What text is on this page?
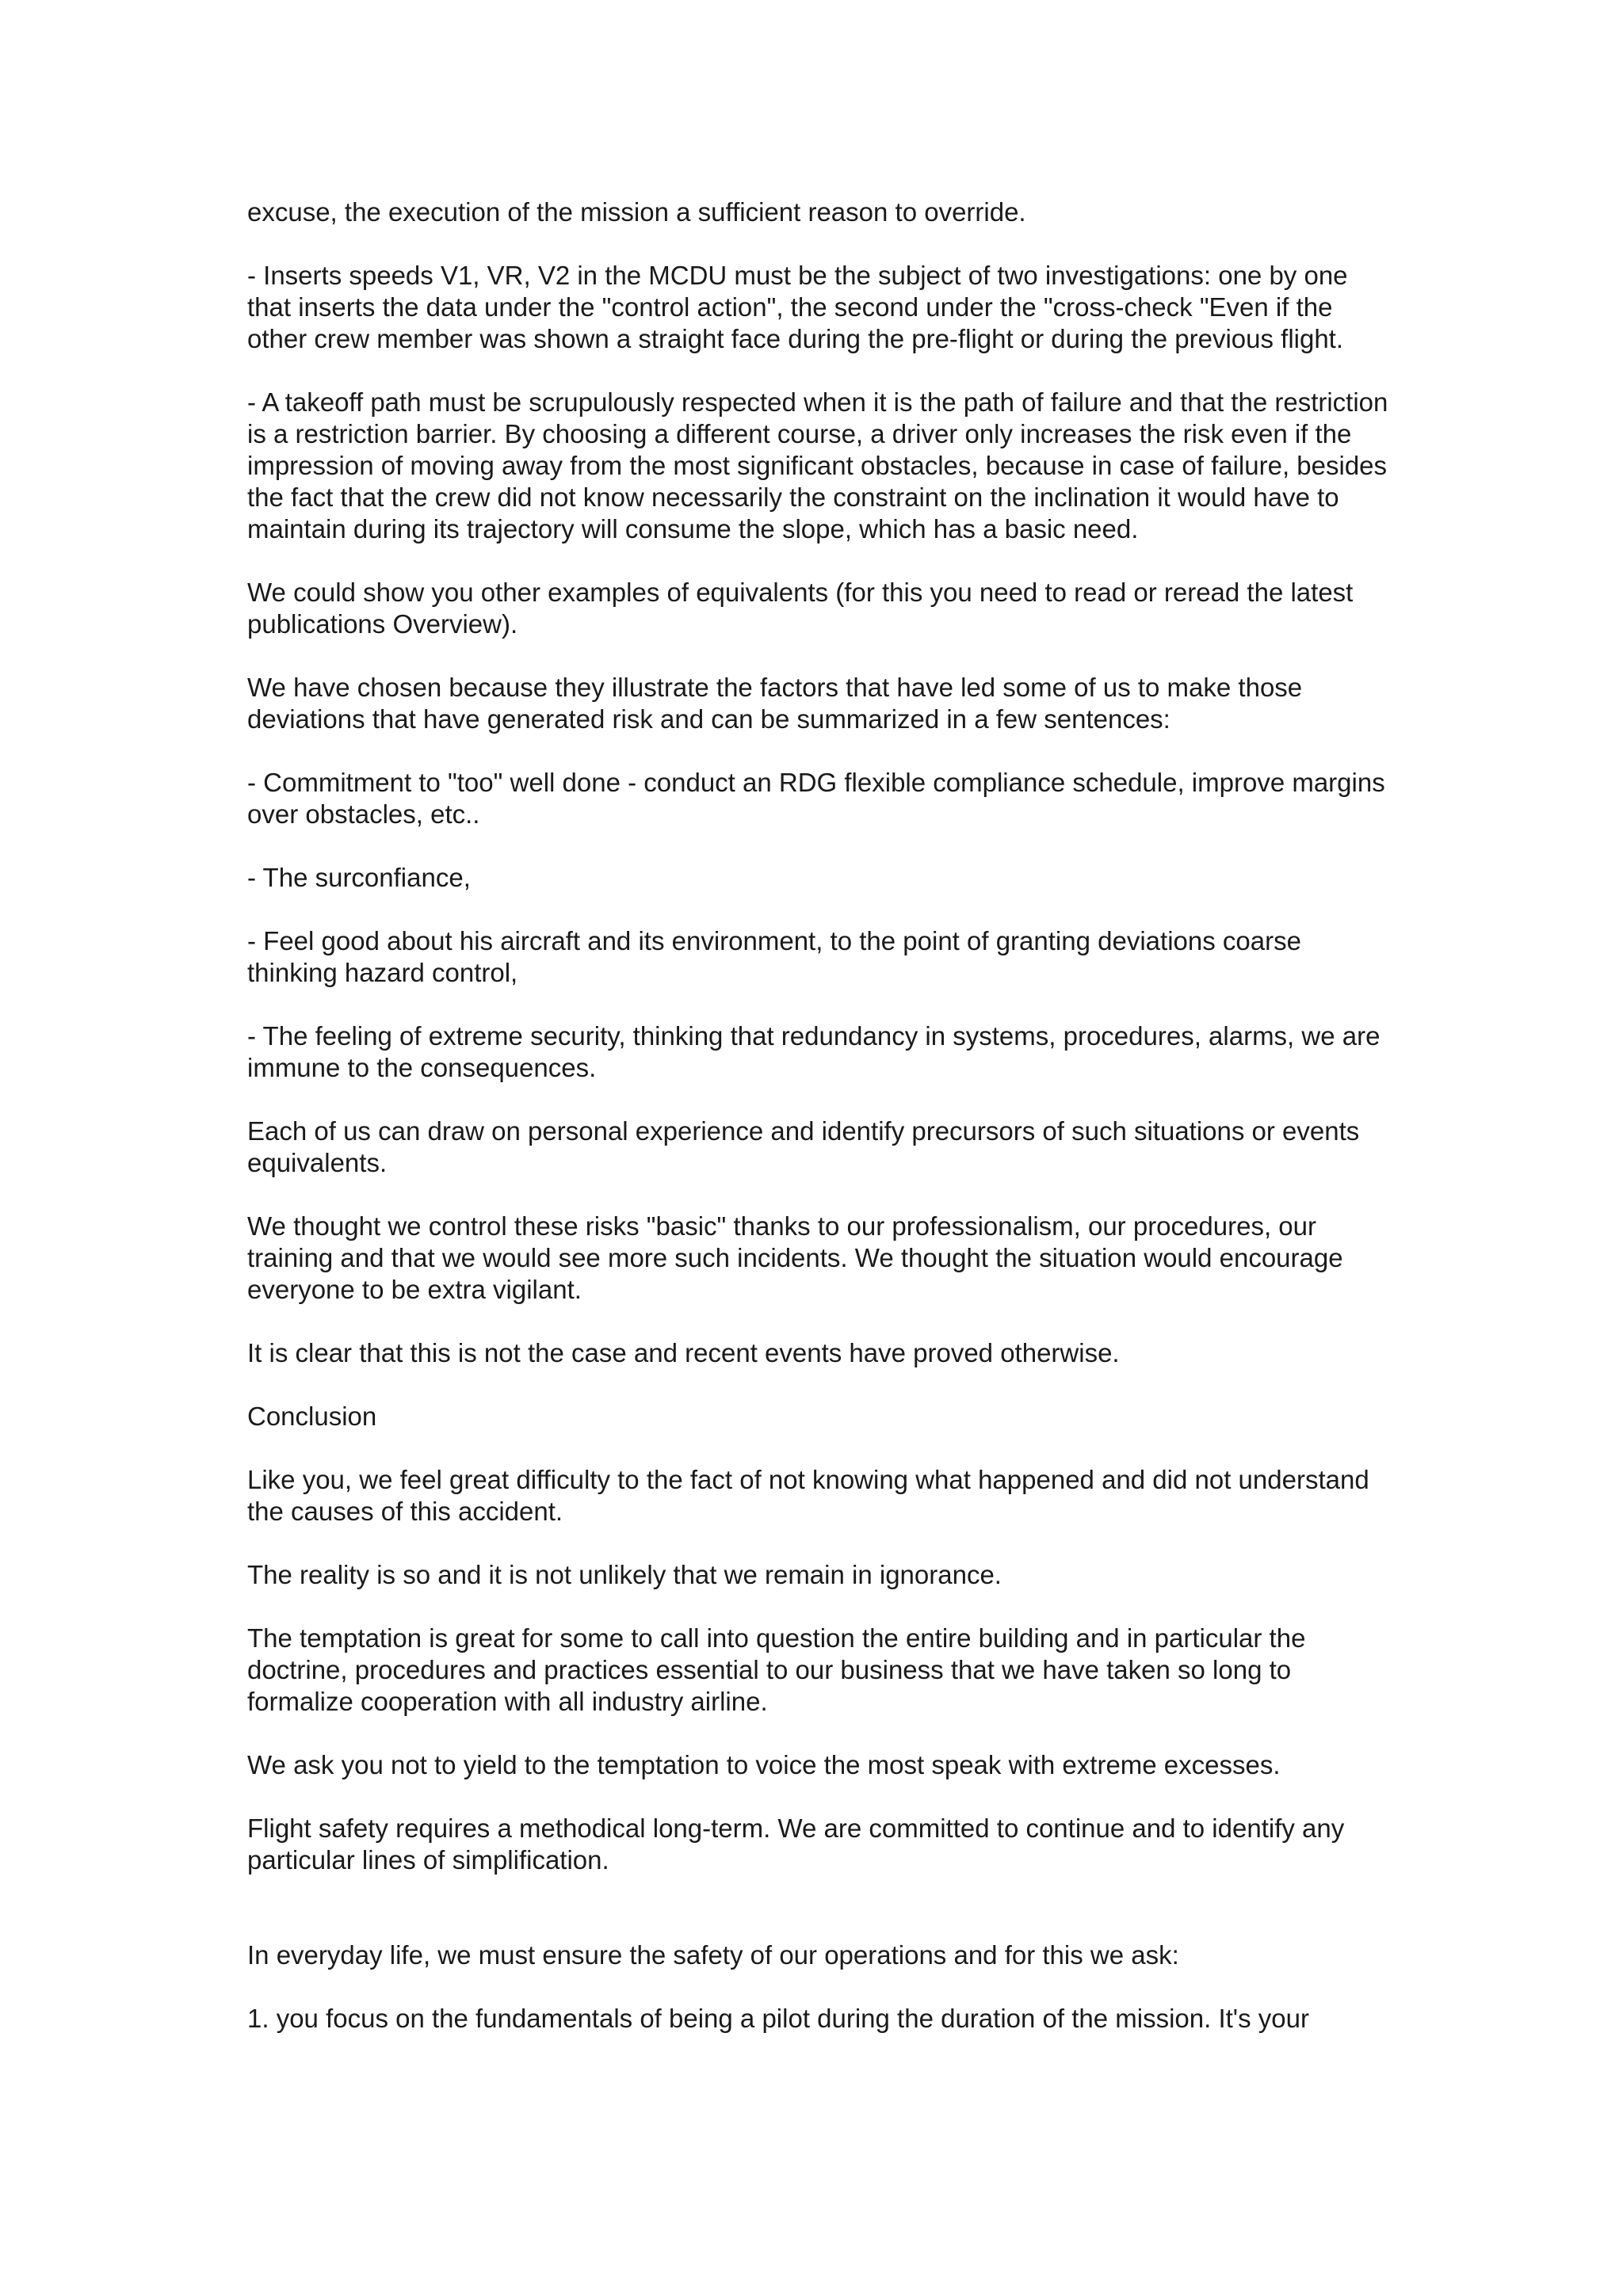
excuse, the execution of the mission a sufficient reason to override.

- Inserts speeds V1, VR, V2 in the MCDU must be the subject of two investigations: one by one that inserts the data under the "control action", the second under the "cross-check "Even if the other crew member was shown a straight face during the pre-flight or during the previous flight.

- A takeoff path must be scrupulously respected when it is the path of failure and that the restriction is a restriction barrier. By choosing a different course, a driver only increases the risk even if the impression of moving away from the most significant obstacles, because in case of failure, besides the fact that the crew did not know necessarily the constraint on the inclination it would have to maintain during its trajectory will consume the slope, which has a basic need.

We could show you other examples of equivalents (for this you need to read or reread the latest publications Overview).

We have chosen because they illustrate the factors that have led some of us to make those deviations that have generated risk and can be summarized in a few sentences:

- Commitment to "too" well done - conduct an RDG flexible compliance schedule, improve margins over obstacles, etc..

- The surconfiance,

- Feel good about his aircraft and its environment, to the point of granting deviations coarse thinking hazard control,

- The feeling of extreme security, thinking that redundancy in systems, procedures, alarms, we are immune to the consequences.

Each of us can draw on personal experience and identify precursors of such situations or events equivalents.

We thought we control these risks "basic" thanks to our professionalism, our procedures, our training and that we would see more such incidents. We thought the situation would encourage everyone to be extra vigilant.

It is clear that this is not the case and recent events have proved otherwise.

Conclusion

Like you, we feel great difficulty to the fact of not knowing what happened and did not understand the causes of this accident.

The reality is so and it is not unlikely that we remain in ignorance.

The temptation is great for some to call into question the entire building and in particular the doctrine, procedures and practices essential to our business that we have taken so long to formalize cooperation with all industry airline.

We ask you not to yield to the temptation to voice the most speak with extreme excesses.

Flight safety requires a methodical long-term. We are committed to continue and to identify any particular lines of simplification.

In everyday life, we must ensure the safety of our operations and for this we ask:

1. you focus on the fundamentals of being a pilot during the duration of the mission. It's your
